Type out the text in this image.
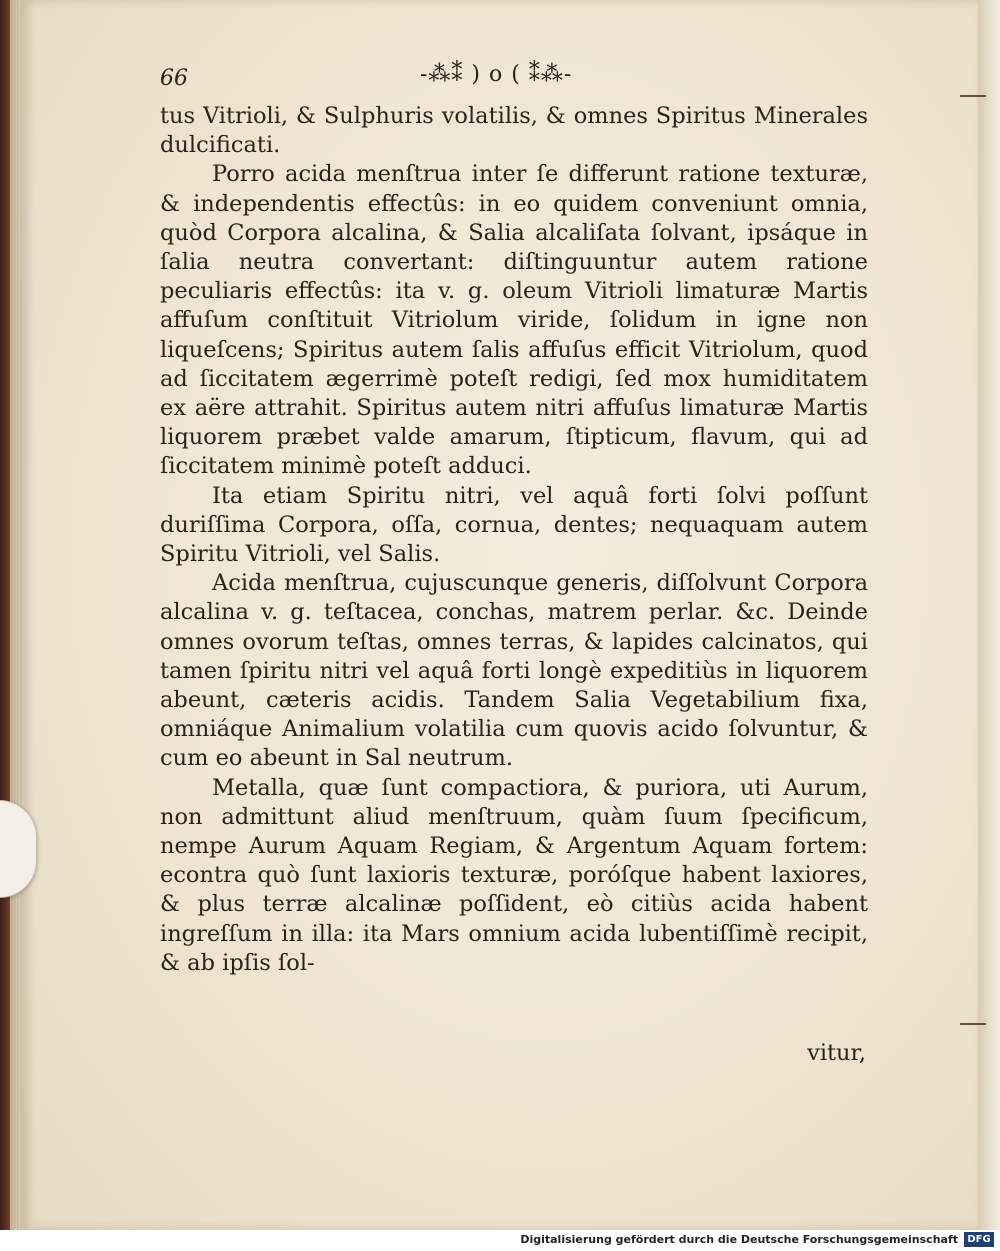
66	-⁂⁑ ) o ( ⁑⁂-

tus Vitrioli, & Sulphuris volatilis, & omnes Spiritus Minerales dulcificati.

Porro acida menſtrua inter ſe differunt ratione texturæ, & independentis effectûs: in eo quidem conveniunt omnia, quòd Corpora alcalina, & Salia alcaliſata ſolvant, ipsáque in ſalia neutra convertant: diſtinguuntur autem ratione peculiaris effectûs: ita v. g. oleum Vitrioli limaturæ Martis affuſum conſtituit Vitriolum viride, ſolidum in igne non liqueſcens; Spiritus autem ſalis affuſus efficit Vitriolum, quod ad ſiccitatem ægerrimè poteſt redigi, ſed mox humiditatem ex aëre attrahit. Spiritus autem nitri affuſus limaturæ Martis liquorem præbet valde amarum, ſtipticum, flavum, qui ad ſiccitatem minimè poteſt adduci.

Ita etiam Spiritu nitri, vel aquâ forti ſolvi poſſunt duriſſima Corpora, oſſa, cornua, dentes; nequaquam autem Spiritu Vitrioli, vel Salis.

Acida menſtrua, cujuscunque generis, diſſolvunt Corpora alcalina v. g. teſtacea, conchas, matrem perlar. &c. Deinde omnes ovorum teſtas, omnes terras, & lapides calcinatos, qui tamen ſpiritu nitri vel aquâ forti longè expeditiùs in liquorem abeunt, cæteris acidis. Tandem Salia Vegetabilium fixa, omniáque Animalium volatilia cum quovis acido ſolvuntur, & cum eo abeunt in Sal neutrum.

Metalla, quæ ſunt compactiora, & puriora, uti Aurum, non admittunt aliud menſtruum, quàm ſuum ſpecificum, nempe Aurum Aquam Regiam, & Argentum Aquam fortem: econtra quò ſunt laxioris texturæ, poróſque habent laxiores, & plus terræ alcalinæ poſſident, eò citiùs acida habent ingreſſum in illa: ita Mars omnium acida lubentiſſimè recipit, & ab ipſis ſol-

vitur,
Digitalisierung gefördert durch die Deutsche Forschungsgemeinschaft DFG
